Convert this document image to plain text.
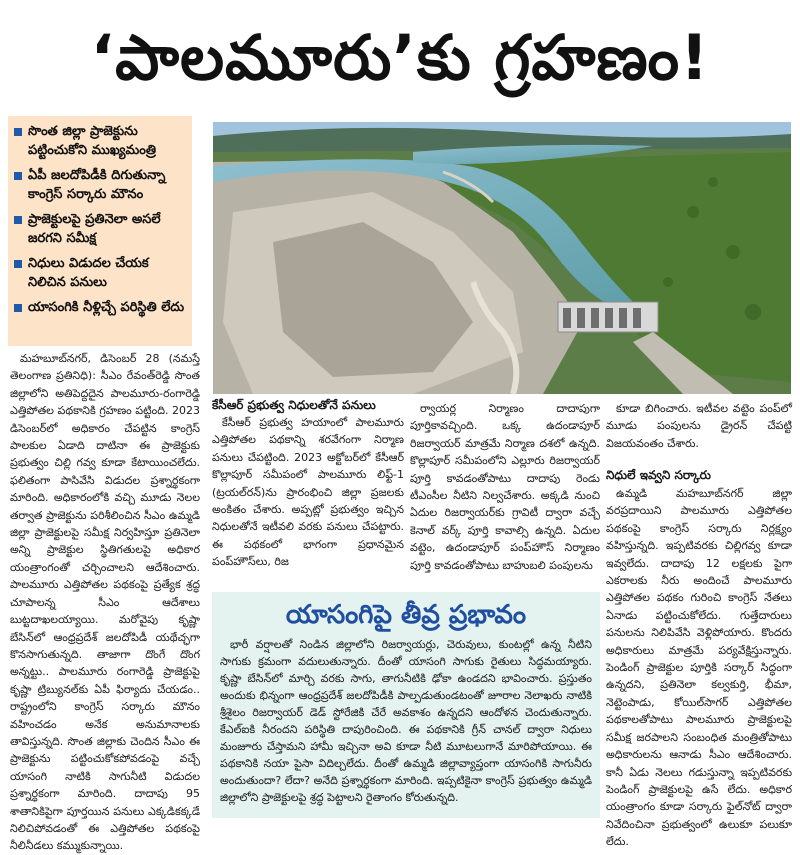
‘పాలమూరు’కు గ్రహణం!
సొంత జిల్లా ప్రాజెక్టును పట్టించుకోని ముఖ్యమంత్రి
ఏపీ జలదోపిడీకి దిగుతున్నా కాంగ్రెస్ సర్కారు మౌనం
ప్రాజెక్టులపై ప్రతినెలా అసలే జరగని సమీక్ష
నిధులు విడుదల చేయక నిలిచిన పనులు
యాసంగికి నీళ్లిచ్చే పరిస్థితి లేదు

మహబూబ్‌నగర్, డిసెంబర్ 28 (నమస్తే తెలంగాణ ప్రతినిధి): సీఎం రేవంత్‌రెడ్డి సొంత జిల్లాలోని అతిపెద్దదైన పాలమూరు-రంగారెడ్డి ఎత్తిపోతల పథకానికి గ్రహణం పట్టింది. 2023 డిసెంబర్‌లో అధికారం చేపట్టిన కాంగ్రెస్ పాలకుల ఏడాది దాటినా ఈ ప్రాజెక్టుకు ప్రభుత్వం చిల్లి గవ్వ కూడా కేటాయించలేదు. ఫలితంగా పాసివేసి విడుదల ప్రశ్నార్థకంగా మారింది. అధికారంలోకి వచ్చి మూడు నెలల తర్వాత ప్రాజెక్టును పరిశీలించిన సీఎం ఉమ్మడి జిల్లా ప్రాజెక్టులపై సమీక్ష నిర్వహిస్తూ ప్రతినెలా అన్ని ప్రాజెక్టుల స్థితిగతులపై అధికార యంత్రాంగంతో చర్చించాలని ఆదేశించారు. పాలమూరు ఎత్తిపోతల పథకంపై ప్రత్యేక శ్రద్ధ చూపాలన్న సీఎం ఆదేశాలు బుట్టదాఖలయ్యాయి. మరోవైపు కృష్ణా బేసిన్‌లో ఆంధ్రప్రదేశ్ జలదోపిడీ యథేచ్ఛగా కొనసాగుతున్నది. తాజాగా దొంగే దొంగ అన్నట్టు.. పాలమూరు రంగారెడ్డి ప్రాజెక్టుపై కృష్ణా ట్రిబ్యునల్‌కు ఏపీ ఫిర్యాదు చేయడం.. రాష్ట్రంలోని కాంగ్రెస్ సర్కారు మౌనం వహించడం అనేక అనుమానాలకు తావిస్తున్నది. సొంత జిల్లాకు చెందిన సీఎం ఈ ప్రాజెక్టును పట్టించుకోకపోవడంపై వచ్చే యాసంగి నాటికి సాగునీటి విడుదల ప్రశ్నార్థకంగా మారింది. దాదాపు 95 శాతానికిపైగా పూర్తయిన పనులు ఎక్కడికక్కడే నిలిచిపోవడంతో ఈ ఎత్తిపోతల పథకంపై నీలినీడలు కమ్ముకున్నాయి.

కేసీఆర్ ప్రభుత్వ నిధులతోనే పనులు

కేసీఆర్ ప్రభుత్వ హయాంలో పాలమూరు ఎత్తిపోతల పథకాన్ని శరవేగంగా నిర్మాణ పనులు చేపట్టింది. 2023 అక్టోబర్‌లో కేసీఆర్ కొల్లాపూర్ సమీపంలో పాలమూరు లిఫ్ట్-1 (ట్రయల్‌రన్)ను ప్రారంభించి జిల్లా ప్రజలకు అంకితం చేశారు. అప్పట్లో ప్రభుత్వం ఇచ్చిన నిధులతోనే ఇటీవలి వరకు పనులు చేపట్టారు. ఈ పథకంలో భాగంగా ప్రధానమైన పంప్‌హౌస్‌లు, రిజ

ర్వాయర్ల నిర్మాణం దాదాపుగా పూర్తికావచ్చింది. ఒక్క ఉదండాపూర్ రిజర్వాయర్ మాత్రమే నిర్మాణ దశలో ఉన్నది. కొల్లాపూర్ సమీపంలోని ఎల్లూరు రిజర్వాయర్ పూర్తి కావడంతోపాటు దాదాపు రెండు టీఎంసీల నీటిని నిల్వచేశారు. అక్కడి నుంచి ఏదుల రిజర్వాయర్‌కు గ్రావిటీ ద్వారా వచ్చే కెనాల్ వర్క్ పూర్తి కావాల్సి ఉన్నది. ఏదుల వట్టెం, ఉదండాపూర్ పంప్‌హౌస్ నిర్మాణం పూర్తి కావడంతోపాటు బాహుబలి పంపులను

కూడా బిగించారు. ఇటీవల వట్టెం పంప్‌లో మూడు పంపులను డ్రైరన్ చేపట్టి విజయవంతం చేశారు.

నిధులే ఇవ్వని సర్కారు

ఉమ్మడి మహబూబ్‌నగర్ జిల్లా వరప్రదాయిని పాలమూరు ఎత్తిపోతల పథకంపై కాంగ్రెస్ సర్కారు నిర్లక్ష్యం వహిస్తున్నది. ఇప్పటివరకు చిల్లిగవ్వ కూడా ఇవ్వలేదు. దాదాపు 12 లక్షలకు పైగా ఎకరాలకు నీరు అందించే పాలమూరు ఎత్తిపోతల పథకం గురించి కాంగ్రెస్ నేతలు ఏనాడు పట్టించుకోలేదు. గుత్తేదారులు పనులను నిలిపివేసి వెళ్లిపోయారు. కొందరు అధికారులు మాత్రమే పర్యవేక్షిస్తున్నారు. పెండింగ్ ప్రాజెక్టుల పూర్తికి సర్కార్ సిద్ధంగా ఉన్నదని, ప్రతినెలా కల్వకుర్తి, భీమా, నెట్టెంపాడు, కోయిల్‌సాగర్ ఎత్తిపోతల పథకాలతోపాటు పాలమూరు ప్రాజెక్టులపై సమీక్ష జరపాలని సంబంధిత మంత్రితోపాటు అధికారులను ఆనాడు సీఎం ఆదేశించారు. కానీ ఏడు నెలలు గడుస్తున్నా ఇప్పటివరకు పెండింగ్ ప్రాజెక్టులపై ఉసే లేదు. అధికార యంత్రాంగం కూడా సర్కారు ఫైల్‌నోట్ ద్వారా నివేదించినా ప్రభుత్వంలో ఉలుకూ పలుకూ లేదు.

యాసంగిపై తీవ్ర ప్రభావం

భారీ వర్షాలతో నిండిన జిల్లాలోని రిజర్వాయర్లు, చెరువులు, కుంటల్లో ఉన్న నీటిని సాగుకు క్రమంగా వదులుతున్నారు. దీంతో యాసంగి సాగుకు రైతులు సిద్ధమయ్యారు. కృష్ణా బేసిన్‌లో మార్చి వరకు సాగు, తాగునీటికి ఢోకా ఉండదని భావించారు. ప్రస్తుతం అందుకు భిన్నంగా ఆంధ్రప్రదేశ్ జలదోపిడీకి పాల్పడుతుండటంతో జూరాల నెలాఖరు నాటికి శ్రీశైలం రిజర్వాయర్ డెడ్ స్టోరేజికి చేరే అవకాశం ఉన్నదని ఆందోళన చెందుతున్నారు. కేఎల్‌ఐకి నీరందని పరిస్థితి దాపురించింది. ఈ పథకానికి గ్రీన్ చానల్ ద్వారా నిధులు మంజూరు చేస్తామని హామీ ఇచ్చినా అవి కూడా నీటి మూటలుగానే మారిపోయాయి. ఈ పథకానికి నయా పైసా విదిల్చలేదు. దీంతో ఉమ్మడి జిల్లావ్యాప్తంగా యాసంగికి సాగునీరు అందుతుందా? లేదా? అనేది ప్రశ్నార్థకంగా మారింది. ఇప్పటికైనా కాంగ్రెస్ ప్రభుత్వం ఉమ్మడి జిల్లాలోని ప్రాజెక్టులపై శ్రద్ధ పెట్టాలని రైతాంగం కోరుతున్నది.
